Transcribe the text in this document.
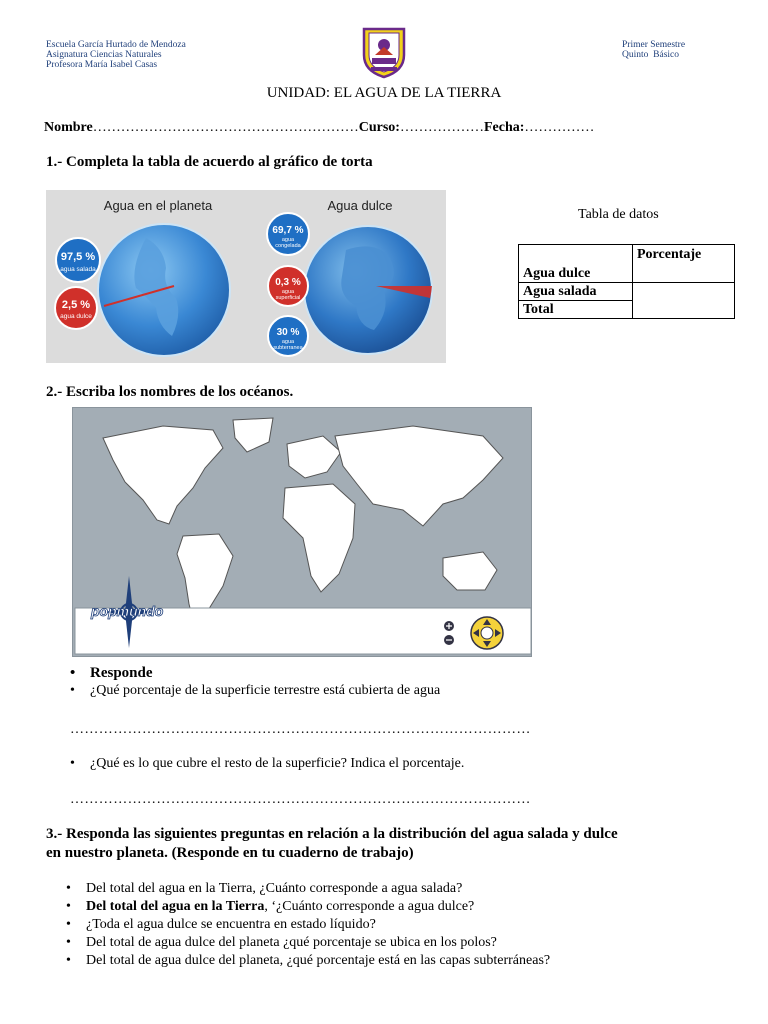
Escuela García Hurtado de Mendoza
Asignatura Ciencias Naturales
Profesora María Isabel Casas
Primer Semestre
Quinto  Básico
UNIDAD: EL AGUA DE LA TIERRA
Nombre…………………………………………………Curso:………………Fecha:……………
1.- Completa la tabla de acuerdo al gráfico de torta
Agua en el planeta	Agua dulce
97,5 %
agua salada
2,5 %
agua dulce
69,7 %
agua
congelada
0,3 %
agua
superficial
30 %
agua
subterranea
Tabla de datos
Agua dulce	Porcentaje
Agua salada	
Total	
2.- Escriba los nombres de los océanos.
popmundo
• Responde
• ¿Qué porcentaje de la superficie terrestre está cubierta de agua
……………………………………………………………………………………
• ¿Qué es lo que cubre el resto de la superficie? Indica el porcentaje.
……………………………………………………………………………………
3.- Responda las siguientes preguntas en relación a la distribución del agua salada y dulce
en nuestro planeta. (Responde en tu cuaderno de trabajo)
• Del total del agua en la Tierra, ¿Cuánto corresponde a agua salada?
• Del total del agua en la Tierra, ‘¿Cuánto corresponde a agua dulce?
• ¿Toda el agua dulce se encuentra en estado líquido?
• Del total de agua dulce del planeta ¿qué porcentaje se ubica en los polos?
• Del total de agua dulce del planeta, ¿qué porcentaje está en las capas subterráneas?
